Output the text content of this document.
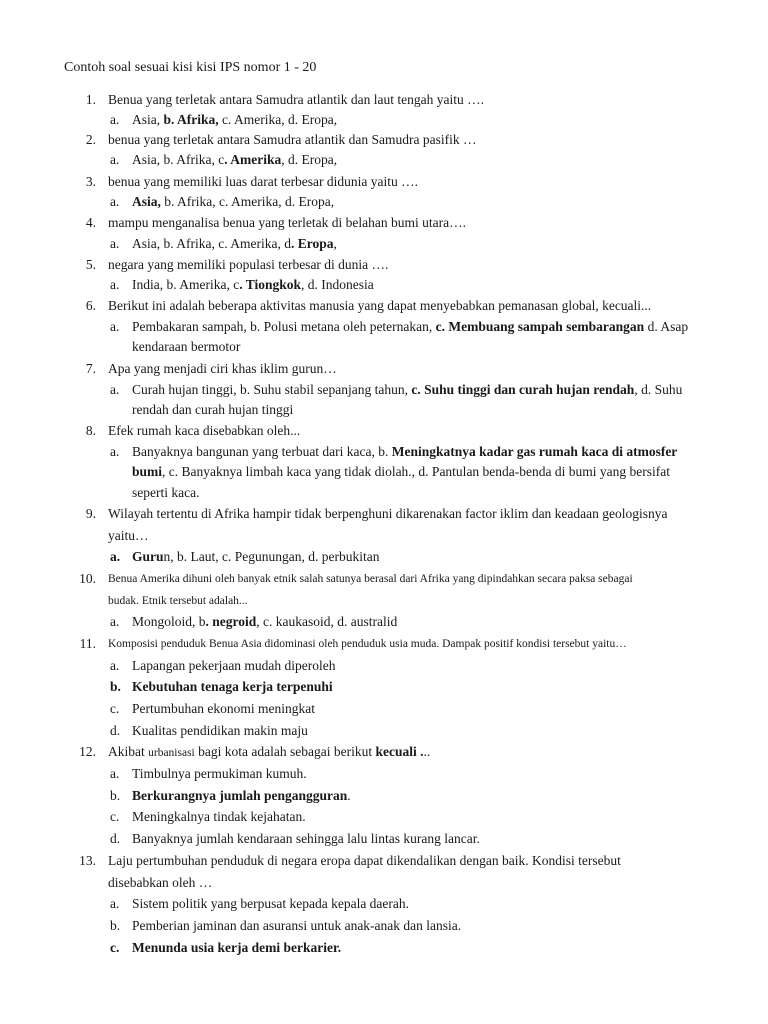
Contoh soal sesuai kisi kisi IPS nomor 1 - 20
1. Benua yang terletak antara Samudra atlantik dan laut tengah yaitu ….
a. Asia, b. Afrika, c. Amerika, d. Eropa,
2. benua yang terletak antara Samudra atlantik dan Samudra pasifik …
a. Asia, b. Afrika, c. Amerika, d. Eropa,
3. benua yang memiliki luas darat terbesar didunia yaitu ….
a. Asia, b. Afrika, c. Amerika, d. Eropa,
4. mampu menganalisa benua yang terletak di belahan bumi utara….
a. Asia, b. Afrika, c. Amerika, d. Eropa,
5. negara yang memiliki populasi terbesar di dunia ….
a. India, b. Amerika, c. Tiongkok, d. Indonesia
6. Berikut ini adalah beberapa aktivitas manusia yang dapat menyebabkan pemanasan global, kecuali...
a. Pembakaran sampah, b. Polusi metana oleh peternakan, c. Membuang sampah sembarangan d. Asap
kendaraan bermotor
7. Apa yang menjadi ciri khas iklim gurun…
a. Curah hujan tinggi, b. Suhu stabil sepanjang tahun, c. Suhu tinggi dan curah hujan rendah, d. Suhu
rendah dan curah hujan tinggi
8. Efek rumah kaca disebabkan oleh...
a. Banyaknya bangunan yang terbuat dari kaca, b. Meningkatnya kadar gas rumah kaca di atmosfer
bumi, c. Banyaknya limbah kaca yang tidak diolah., d. Pantulan benda-benda di bumi yang bersifat
seperti kaca.
9. Wilayah tertentu di Afrika hampir tidak berpenghuni dikarenakan factor iklim dan keadaan geologisnya
yaitu…
a. Gurun, b. Laut, c. Pegunungan, d. perbukitan
10. Benua Amerika dihuni oleh banyak etnik salah satunya berasal dari Afrika yang dipindahkan secara paksa sebagai
budak. Etnik tersebut adalah...
a. Mongoloid, b. negroid, c. kaukasoid, d. australid
11. Komposisi penduduk Benua Asia didominasi oleh penduduk usia muda. Dampak positif kondisi tersebut yaitu…
a. Lapangan pekerjaan mudah diperoleh
b. Kebutuhan tenaga kerja terpenuhi
c. Pertumbuhan ekonomi meningkat
d. Kualitas pendidikan makin maju
12. Akibat urbanisasi bagi kota adalah sebagai berikut kecuali ...
a. Timbulnya permukiman kumuh.
b. Berkurangnya jumlah pengangguran.
c. Meningkalnya tindak kejahatan.
d. Banyaknya jumlah kendaraan sehingga lalu lintas kurang lancar.
13. Laju pertumbuhan penduduk di negara eropa dapat dikendalikan dengan baik. Kondisi tersebut
disebabkan oleh …
a. Sistem politik yang berpusat kepada kepala daerah.
b. Pemberian jaminan dan asuransi untuk anak-anak dan lansia.
c. Menunda usia kerja demi berkarier.
